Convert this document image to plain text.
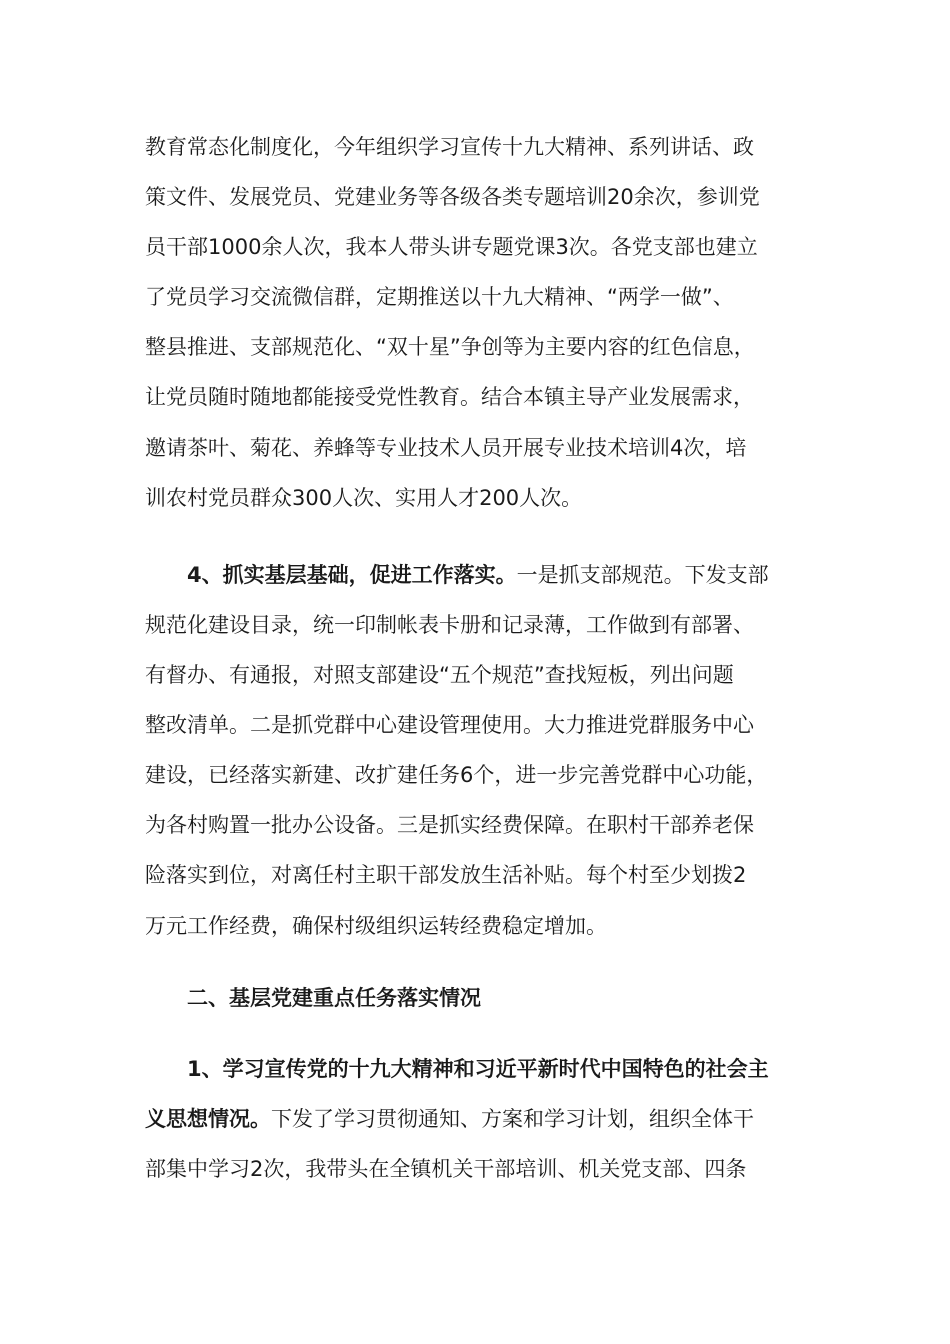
教育常态化制度化，今年组织学习宣传十九大精神、系列讲话、政
策文件、发展党员、党建业务等各级各类专题培训20余次，参训党
员干部1000余人次，我本人带头讲专题党课3次。各党支部也建立
了党员学习交流微信群，定期推送以十九大精神、“两学一做”、
整县推进、支部规范化、“双十星”争创等为主要内容的红色信息，
让党员随时随地都能接受党性教育。结合本镇主导产业发展需求，
邀请茶叶、菊花、养蜂等专业技术人员开展专业技术培训4次，培
训农村党员群众300人次、实用人才200人次。
4、抓实基层基础，促进工作落实。一是抓支部规范。下发支部
规范化建设目录，统一印制帐表卡册和记录薄，工作做到有部署、
有督办、有通报，对照支部建设“五个规范”查找短板，列出问题
整改清单。二是抓党群中心建设管理使用。大力推进党群服务中心
建设，已经落实新建、改扩建任务6个，进一步完善党群中心功能，
为各村购置一批办公设备。三是抓实经费保障。在职村干部养老保
险落实到位，对离任村主职干部发放生活补贴。每个村至少划拨2
万元工作经费，确保村级组织运转经费稳定增加。
二、基层党建重点任务落实情况
1、学习宣传党的十九大精神和习近平新时代中国特色的社会主
义思想情况。下发了学习贯彻通知、方案和学习计划，组织全体干
部集中学习2次，我带头在全镇机关干部培训、机关党支部、四条
